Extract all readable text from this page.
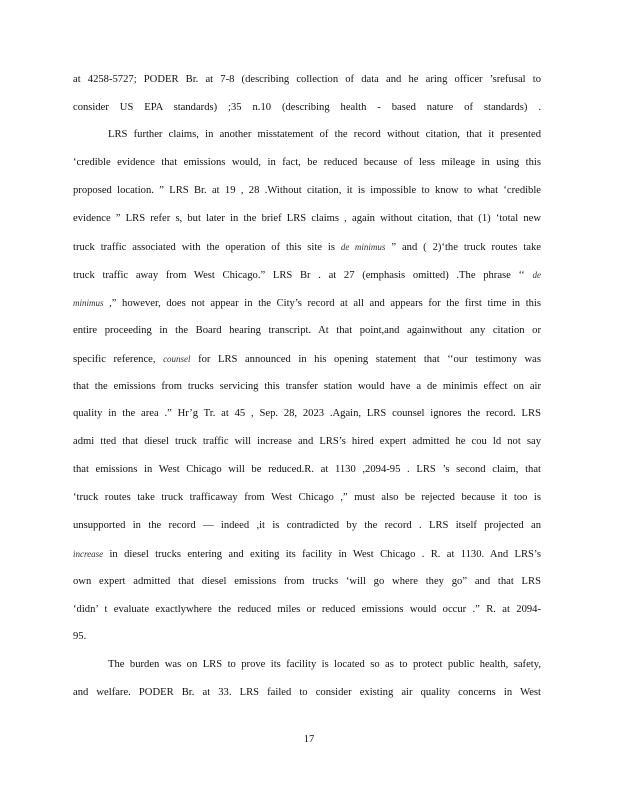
at 4258-5727; PODER Br. at 7-8 (describing collection of data and he aring officer ’srefusal to
consider US EPA standards) ;35 n.10 (describing health - based nature of standards) .
LRS further claims, in another misstatement of the record without citation, that it presented
‘credible evidence that emissions would, in fact, be reduced because of less mileage in using this
proposed location. ” LRS Br. at 19 , 28 .Without citation, it is impossible to know to what ‘credible
evidence ” LRS refer s, but later in the brief LRS claims , again without citation, that (1) ‘total new
truck traffic associated with the operation of this site is de minimus ” and ( 2)‘the truck routes take
truck traffic away from West Chicago.” LRS Br . at 27 (emphasis omitted) .The phrase ‘‘ de
minimus ,” however, does not appear in the City’s record at all and appears for the first time in this
entire proceeding in the Board hearing transcript. At that point,and againwithout any citation or
specific reference, counsel for LRS announced in his opening statement that ‘‘our testimony was
that the emissions from trucks servicing this transfer station would have a de minimis effect on air
quality in the area .” Hr’g Tr. at 45 , Sep. 28, 2023 .Again, LRS counsel ignores the record. LRS
admi tted that diesel truck traffic will increase and LRS’s hired expert admitted he cou ld not say
that emissions in West Chicago will be reduced.R. at 1130 ,2094-95 . LRS ’s second claim, that
‘truck routes take truck trafficaway from West Chicago ,” must also be rejected because it too is
unsupported in the record — indeed ,it is contradicted by the record . LRS itself projected an
increase in diesel trucks entering and exiting its facility in West Chicago . R. at 1130. And LRS’s
own expert admitted that diesel emissions from trucks ‘will go where they go” and that LRS
‘didn’ t evaluate exactlywhere the reduced miles or reduced emissions would occur .” R. at 2094-
95.
The burden was on LRS to prove its facility is located so as to protect public health, safety,
and welfare. PODER Br. at 33. LRS failed to consider existing air quality concerns in West
17
